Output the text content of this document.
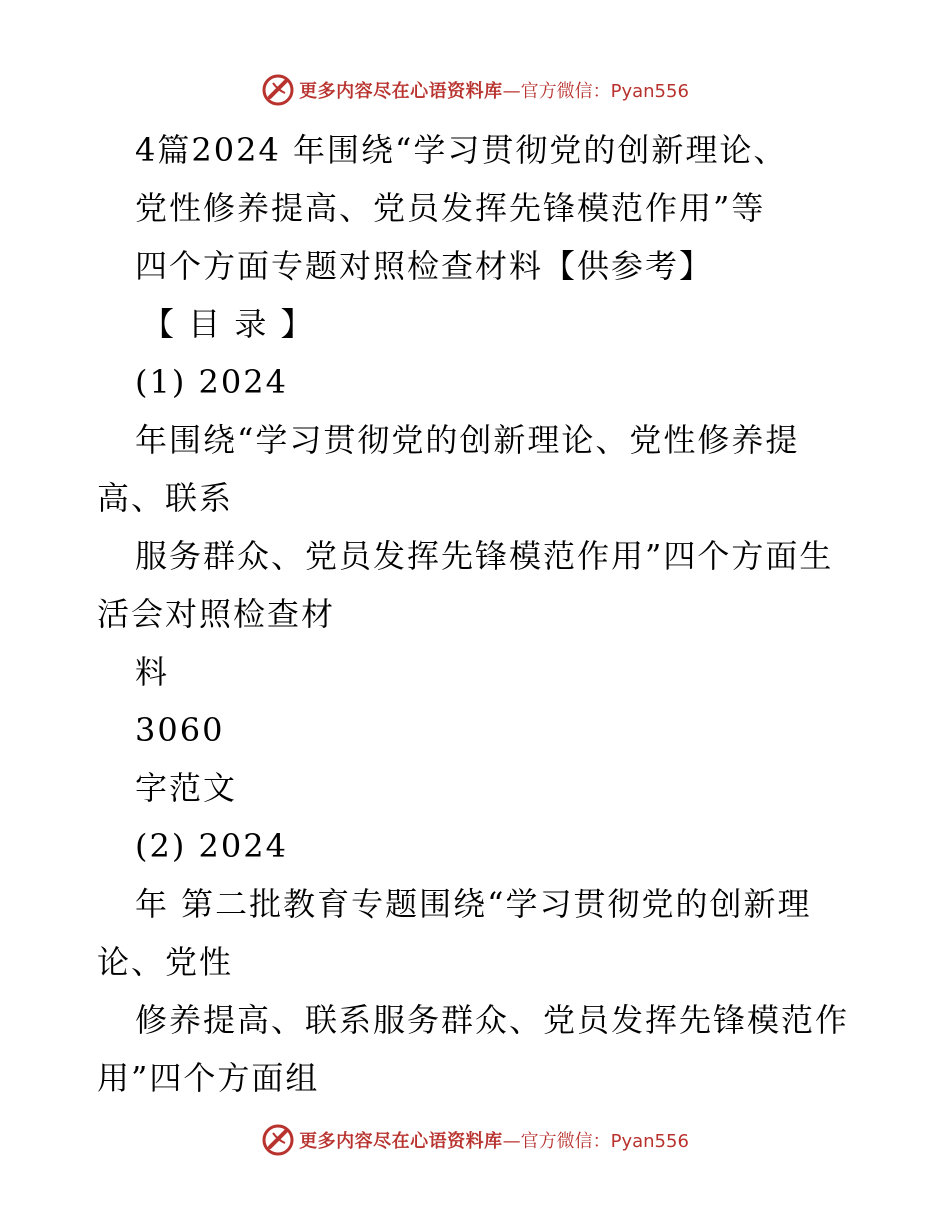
更多内容尽在心语资料库 —官方微信：Pyan556
4篇2024 年围绕“学习贯彻党的创新理论、
党性修养提高、党员发挥先锋模范作用”等
四个方面专题对照检查材料【供参考】
【 目 录 】
(1) 2024
年围绕“学习贯彻党的创新理论、党性修养提
高、联系
服务群众、党员发挥先锋模范作用”四个方面生
活会对照检查材
料
3060
字范文
(2) 2024
年 第二批教育专题围绕“学习贯彻党的创新理
论、党性
修养提高、联系服务群众、党员发挥先锋模范作
用”四个方面组
更多内容尽在心语资料库 —官方微信：Pyan556
